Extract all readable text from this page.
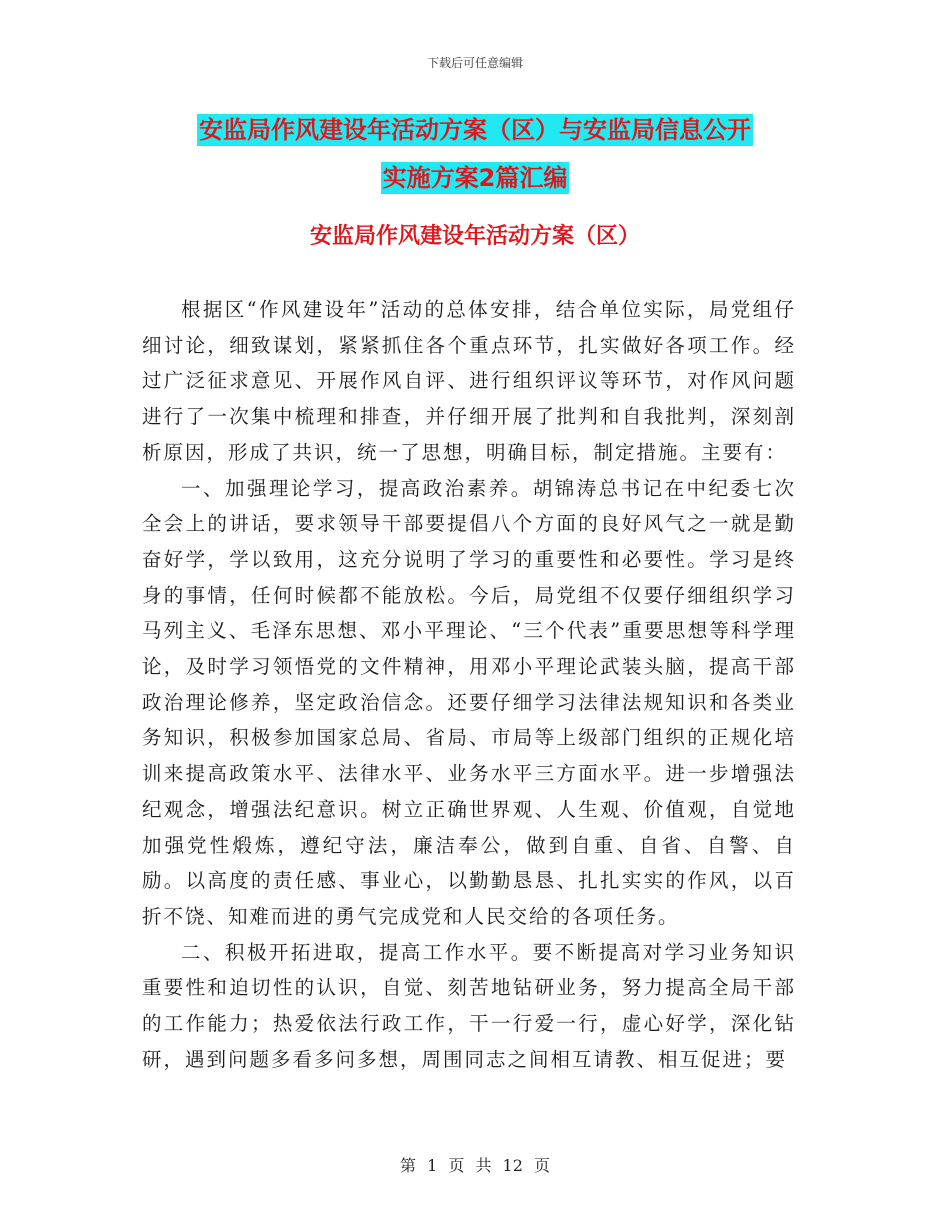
下载后可任意编辑
安监局作风建设年活动方案（区）与安监局信息公开
实施方案2篇汇编
安监局作风建设年活动方案（区）

根据区“作风建设年”活动的总体安排，结合单位实际，局党组仔细讨论，细致谋划，紧紧抓住各个重点环节，扎实做好各项工作。经过广泛征求意见、开展作风自评、进行组织评议等环节，对作风问题进行了一次集中梳理和排查，并仔细开展了批判和自我批判，深刻剖析原因，形成了共识，统一了思想，明确目标，制定措施。主要有：

一、加强理论学习，提高政治素养。胡锦涛总书记在中纪委七次全会上的讲话，要求领导干部要提倡八个方面的良好风气之一就是勤奋好学，学以致用，这充分说明了学习的重要性和必要性。学习是终身的事情，任何时候都不能放松。今后，局党组不仅要仔细组织学习马列主义、毛泽东思想、邓小平理论、“三个代表”重要思想等科学理论，及时学习领悟党的文件精神，用邓小平理论武装头脑，提高干部政治理论修养，坚定政治信念。还要仔细学习法律法规知识和各类业务知识，积极参加国家总局、省局、市局等上级部门组织的正规化培训来提高政策水平、法律水平、业务水平三方面水平。进一步增强法纪观念，增强法纪意识。树立正确世界观、人生观、价值观，自觉地加强党性煅炼，遵纪守法，廉洁奉公，做到自重、自省、自警、自励。以高度的责任感、事业心，以勤勤恳恳、扎扎实实的作风，以百折不饶、知难而进的勇气完成党和人民交给的各项任务。

二、积极开拓进取，提高工作水平。要不断提高对学习业务知识重要性和迫切性的认识，自觉、刻苦地钻研业务，努力提高全局干部的工作能力；热爱依法行政工作，干一行爱一行，虚心好学，深化钻研，遇到问题多看多问多想，周围同志之间相互请教、相互促进；要

第 1 页 共 12 页
